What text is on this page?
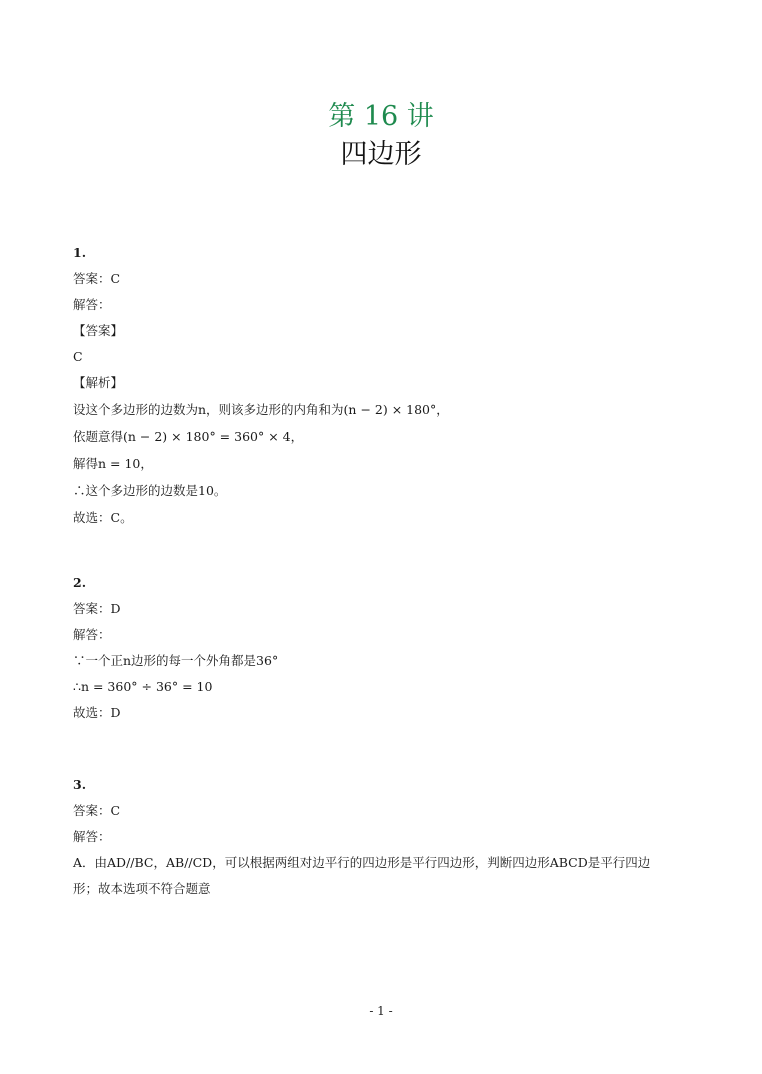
第 16 讲
四边形
1.
答案：C
解答：
【答案】
C
【解析】
设这个多边形的边数为n，则该多边形的内角和为(n − 2) × 180°，
依题意得(n − 2) × 180° = 360° × 4，
解得n = 10，
∴这个多边形的边数是10。
故选：C。
2.
答案：D
解答：
∵一个正n边形的每一个外角都是36°
∴n = 360° ÷ 36° = 10
故选：D
3.
答案：C
解答：
A．由AD//BC，AB//CD，可以根据两组对边平行的四边形是平行四边形，判断四边形ABCD是平行四边
形；故本选项不符合题意
- 1 -
